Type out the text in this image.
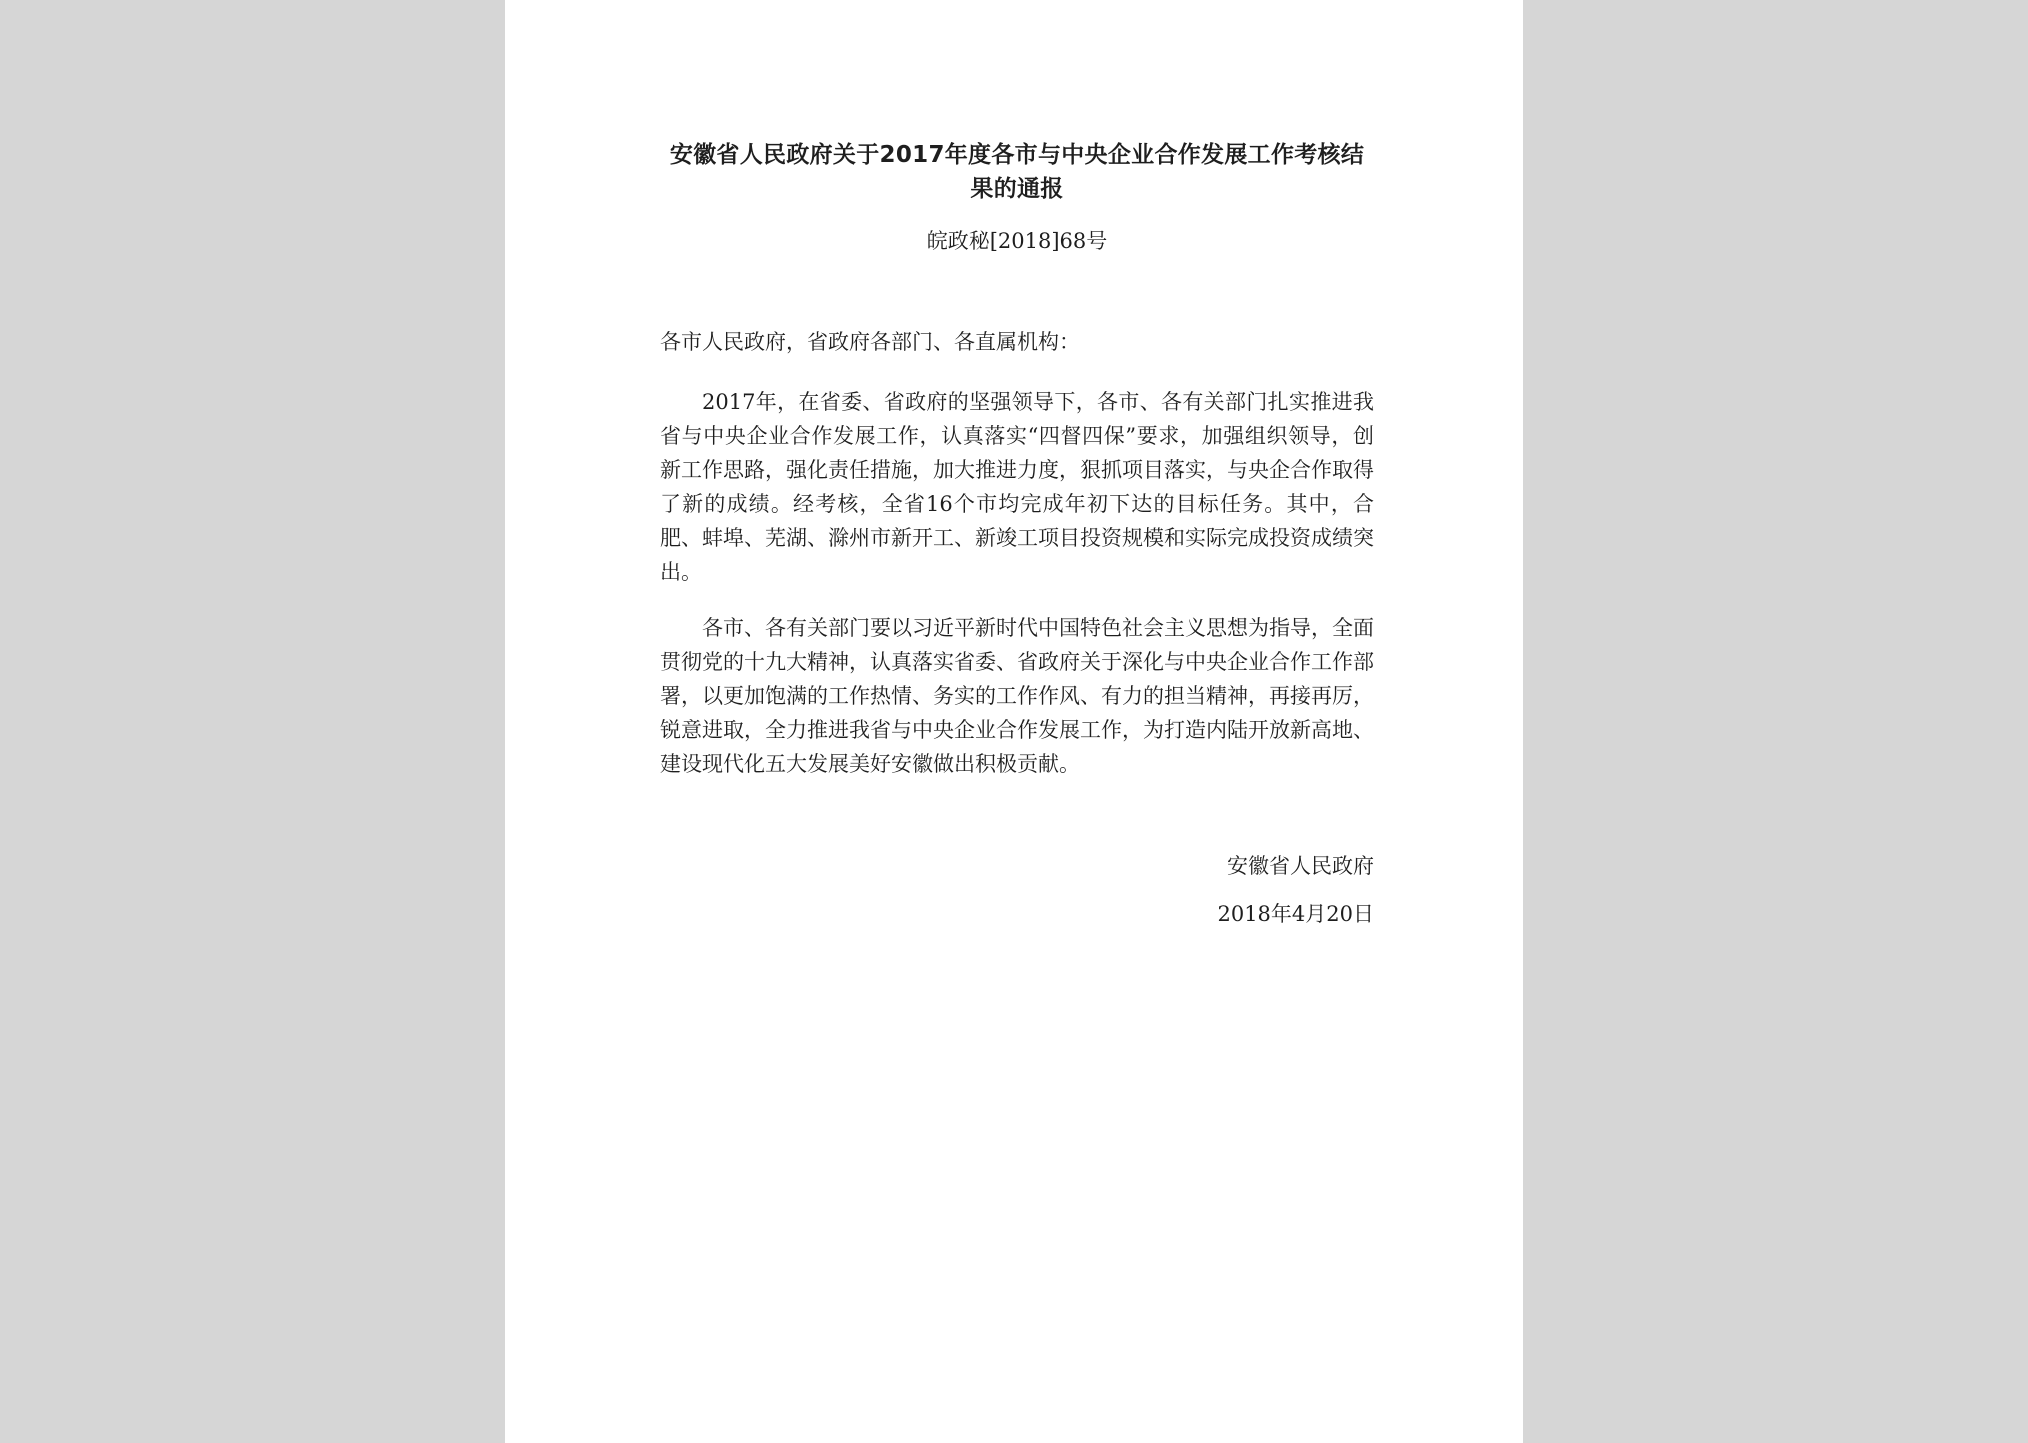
安徽省人民政府关于2017年度各市与中央企业合作发展工作考核结果的通报
皖政秘[2018]68号
各市人民政府，省政府各部门、各直属机构：

2017年，在省委、省政府的坚强领导下，各市、各有关部门扎实推进我省与中央企业合作发展工作，认真落实“四督四保”要求，加强组织领导，创新工作思路，强化责任措施，加大推进力度，狠抓项目落实，与央企合作取得了新的成绩。经考核，全省16个市均完成年初下达的目标任务。其中，合肥、蚌埠、芜湖、滁州市新开工、新竣工项目投资规模和实际完成投资成绩突出。

各市、各有关部门要以习近平新时代中国特色社会主义思想为指导，全面贯彻党的十九大精神，认真落实省委、省政府关于深化与中央企业合作工作部署，以更加饱满的工作热情、务实的工作作风、有力的担当精神，再接再厉，锐意进取，全力推进我省与中央企业合作发展工作，为打造内陆开放新高地、建设现代化五大发展美好安徽做出积极贡献。

安徽省人民政府
2018年4月20日
